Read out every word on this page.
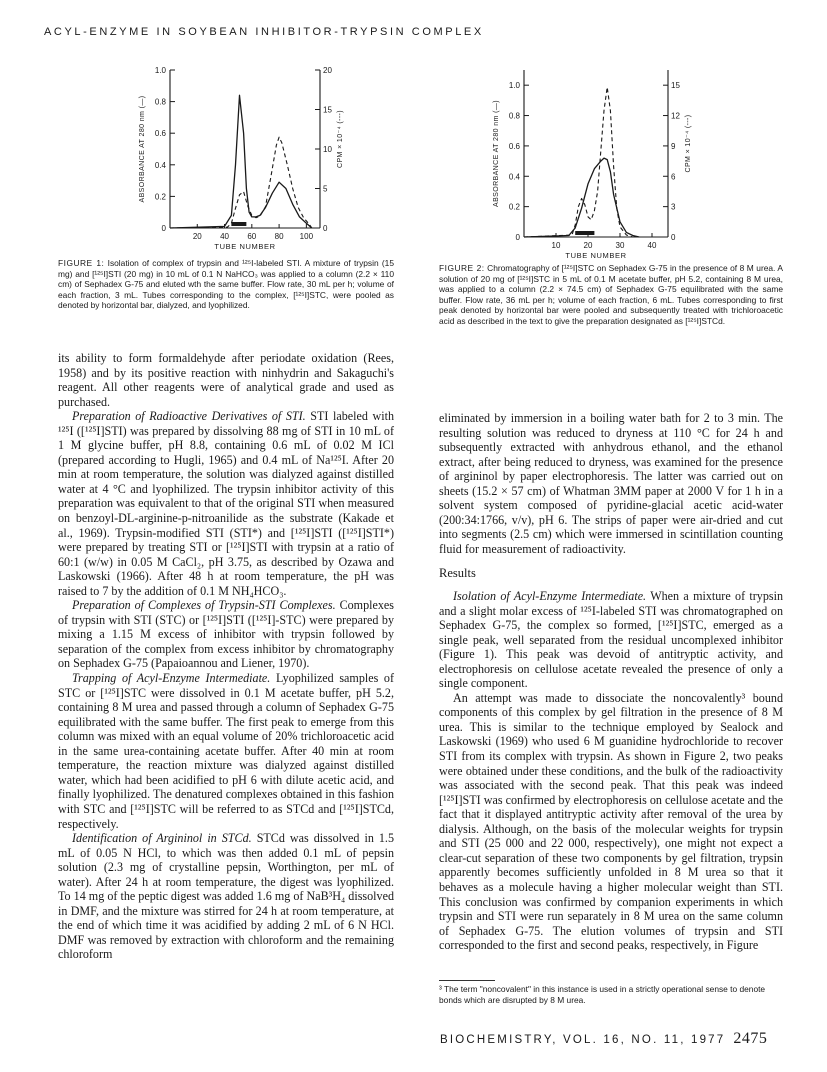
ACYL-ENZYME IN SOYBEAN INHIBITOR-TRYPSIN COMPLEX
0
0.2
0.4
0.6
0.8
1.0
0
5
10
15
20
20 40 60 80 100
TUBE NUMBER
ABSORBANCE AT 280 nm (—)	CPM × 10⁻⁴ (---)
FIGURE 1: Isolation of complex of trypsin and ¹²⁵I-labeled STI. A mixture of trypsin (15 mg) and [¹²⁵I]STI (20 mg) in 10 mL of 0.1 N NaHCO₃ was applied to a column (2.2 × 110 cm) of Sephadex G-75 and eluted wth the same buffer. Flow rate, 30 mL per h; volume of each fraction, 3 mL. Tubes corresponding to the complex, [¹²⁵I]STC, were pooled as denoted by horizontal bar, dialyzed, and lyophilized.
0
0.2
0.4
0.6
0.8
1.0
0
3
6
9
12
15
10	20	30	40
TUBE NUMBER
ABSORBANCE AT 280 nm (—)	CPM × 10⁻⁴ (---)
FIGURE 2: Chromatography of [¹²⁵I]STC on Sephadex G-75 in the presence of 8 M urea. A solution of 20 mg of [¹²⁵I]STC in 5 mL of 0.1 M acetate buffer, pH 5.2, containing 8 M urea, was applied to a column (2.2 × 74.5 cm) of Sephadex G-75 equilibrated with the same buffer. Flow rate, 36 mL per h; volume of each fraction, 6 mL. Tubes corresponding to first peak denoted by horizontal bar were pooled and subsequently treated with trichloroacetic acid as described in the text to give the preparation designated as [¹²⁵I]STCd.

its ability to form formaldehyde after periodate oxidation (Rees, 1958) and by its positive reaction with ninhydrin and Sakaguchi's reagent. All other reagents were of analytical grade and used as purchased.

Preparation of Radioactive Derivatives of STI. STI labeled with ¹²⁵I ([¹²⁵I]STI) was prepared by dissolving 88 mg of STI in 10 mL of 1 M glycine buffer, pH 8.8, containing 0.6 mL of 0.02 M ICl (prepared according to Hugli, 1965) and 0.4 mL of Na¹²⁵I. After 20 min at room temperature, the solution was dialyzed against distilled water at 4 °C and lyophilized. The trypsin inhibitor activity of this preparation was equivalent to that of the original STI when measured on benzoyl-DL-arginine-p-nitroanilide as the substrate (Kakade et al., 1969). Trypsin-modified STI (STI*) and [¹²⁵I]STI ([¹²⁵I]STI*) were prepared by treating STI or [¹²⁵I]STI with trypsin at a ratio of 60:1 (w/w) in 0.05 M CaCl₂, pH 3.75, as described by Ozawa and Laskowski (1966). After 48 h at room temperature, the pH was raised to 7 by the addition of 0.1 M NH₄HCO₃.

Preparation of Complexes of Trypsin-STI Complexes. Complexes of trypsin with STI (STC) or [¹²⁵I]STI ([¹²⁵I]-STC) were prepared by mixing a 1.15 M excess of inhibitor with trypsin followed by separation of the complex from excess inhibitor by chromatography on Sephadex G-75 (Papaioannou and Liener, 1970).

Trapping of Acyl-Enzyme Intermediate. Lyophilized samples of STC or [¹²⁵I]STC were dissolved in 0.1 M acetate buffer, pH 5.2, containing 8 M urea and passed through a column of Sephadex G-75 equilibrated with the same buffer. The first peak to emerge from this column was mixed with an equal volume of 20% trichloroacetic acid in the same urea-containing acetate buffer. After 40 min at room temperature, the reaction mixture was dialyzed against distilled water, which had been acidified to pH 6 with dilute acetic acid, and finally lyophilized. The denatured complexes obtained in this fashion with STC and [¹²⁵I]STC will be referred to as STCd and [¹²⁵I]STCd, respectively.

Identification of Argininol in STCd. STCd was dissolved in 1.5 mL of 0.05 N HCl, to which was then added 0.1 mL of pepsin solution (2.3 mg of crystalline pepsin, Worthington, per mL of water). After 24 h at room temperature, the digest was lyophilized. To 14 mg of the peptic digest was added 1.6 mg of NaB³H₄ dissolved in DMF, and the mixture was stirred for 24 h at room temperature, at the end of which time it was acidified by adding 2 mL of 6 N HCl. DMF was removed by extraction with chloroform and the remaining chloroform

eliminated by immersion in a boiling water bath for 2 to 3 min. The resulting solution was reduced to dryness at 110 °C for 24 h and subsequently extracted with anhydrous ethanol, and the ethanol extract, after being reduced to dryness, was examined for the presence of argininol by paper electrophoresis. The latter was carried out on sheets (15.2 × 57 cm) of Whatman 3MM paper at 2000 V for 1 h in a solvent system composed of pyridine-glacial acetic acid-water (200:34:1766, v/v), pH 6. The strips of paper were air-dried and cut into segments (2.5 cm) which were immersed in scintillation counting fluid for measurement of radioactivity.

Results

Isolation of Acyl-Enzyme Intermediate. When a mixture of trypsin and a slight molar excess of ¹²⁵I-labeled STI was chromatographed on Sephadex G-75, the complex so formed, [¹²⁵I]STC, emerged as a single peak, well separated from the residual uncomplexed inhibitor (Figure 1). This peak was devoid of antitryptic activity, and electrophoresis on cellulose acetate revealed the presence of only a single component.

An attempt was made to dissociate the noncovalently³ bound components of this complex by gel filtration in the presence of 8 M urea. This is similar to the technique employed by Sealock and Laskowski (1969) who used 6 M guanidine hydrochloride to recover STI from its complex with trypsin. As shown in Figure 2, two peaks were obtained under these conditions, and the bulk of the radioactivity was associated with the second peak. That this peak was indeed [¹²⁵I]STI was confirmed by electrophoresis on cellulose acetate and the fact that it displayed antitryptic activity after removal of the urea by dialysis. Although, on the basis of the molecular weights for trypsin and STI (25 000 and 22 000, respectively), one might not expect a clear-cut separation of these two components by gel filtration, trypsin apparently becomes sufficiently unfolded in 8 M urea so that it behaves as a molecule having a higher molecular weight than STI. This conclusion was confirmed by companion experiments in which trypsin and STI were run separately in 8 M urea on the same column of Sephadex G-75. The elution volumes of trypsin and STI corresponded to the first and second peaks, respectively, in Figure

³ The term "noncovalent" in this instance is used in a strictly operational sense to denote bonds which are disrupted by 8 M urea.
BIOCHEMISTRY, VOL. 16, NO. 11, 1977 2475
